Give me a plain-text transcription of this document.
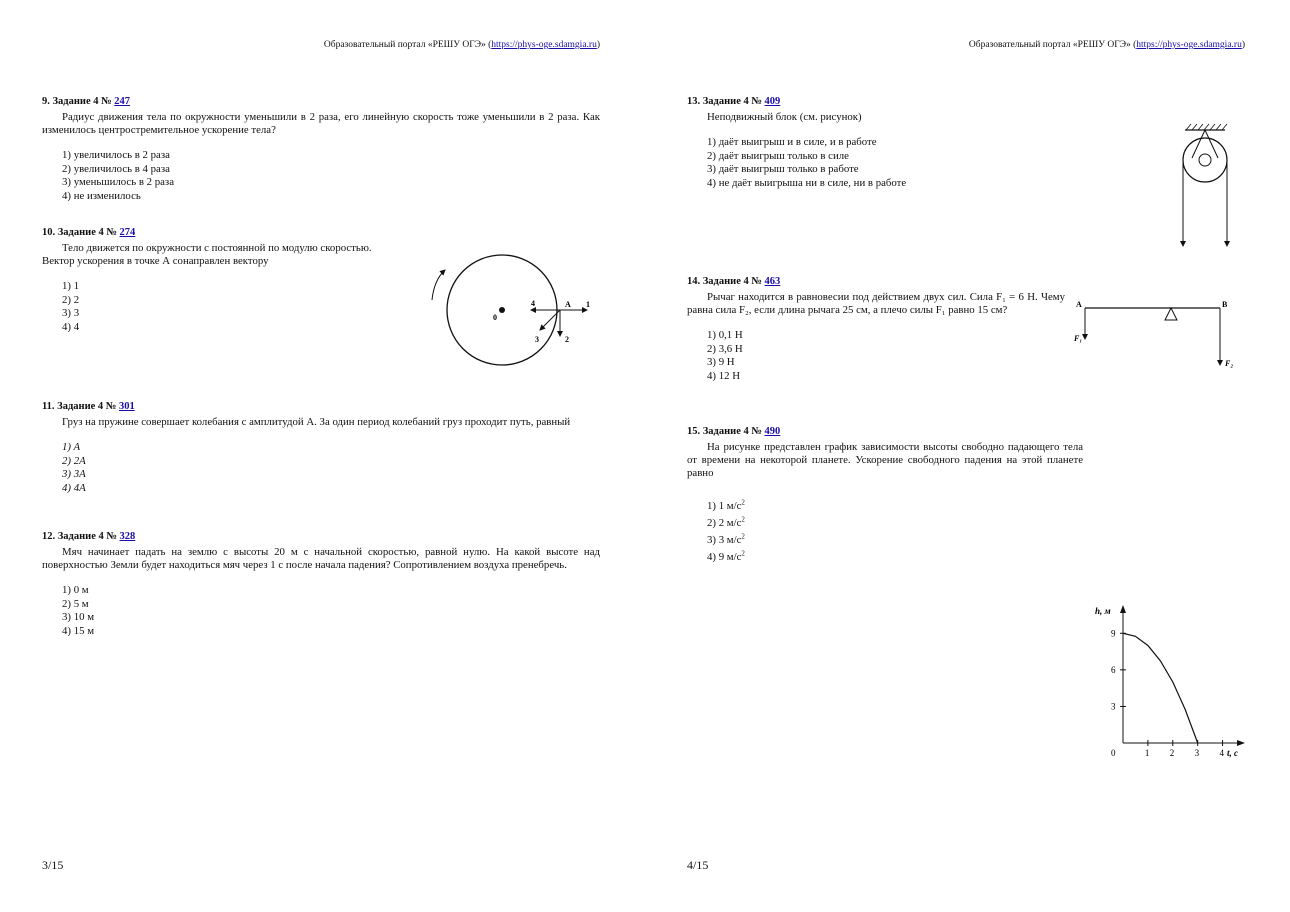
Образовательный портал «РЕШУ ОГЭ» (https://phys-oge.sdamgia.ru)
9. Задание 4 № 247
Радиус движения тела по окружности уменьшили в 2 раза, его линейную скорость тоже уменьшили в 2 раза. Как изменилось центростремительное ускорение тела?
1) увеличилось в 2 раза
2) увеличилось в 4 раза
3) уменьшилось в 2 раза
4) не изменилось
10. Задание 4 № 274
Тело движется по окружности с постоянной по модулю скоростью.
Вектор ускорения в точке А сонаправлен вектору
1) 1
2) 2
3) 3
4) 4
4	A 1
0
3	2
11. Задание 4 № 301
Груз на пружине совершает колебания с амплитудой A. За один период колебаний груз проходит путь, равный
1) A
2) 2A
3) 3A
4) 4A
12. Задание 4 № 328
Мяч начинает падать на землю с высоты 20 м с начальной скоростью, равной нулю. На какой высоте над поверхностью Земли будет находиться мяч через 1 с после начала падения? Сопротивлением воздуха пренебречь.
1) 0 м
2) 5 м
3) 10 м
4) 15 м
3/15
Образовательный портал «РЕШУ ОГЭ» (https://phys-oge.sdamgia.ru)
13. Задание 4 № 409
Неподвижный блок (см. рисунок)
1) даёт выигрыш и в силе, и в работе
2) даёт выигрыш только в силе
3) даёт выигрыш только в работе
4) не даёт выигрыша ни в силе, ни в работе
14. Задание 4 № 463
Рычаг находится в равновесии под действием двух сил. Сила F₁ = 6 Н. Чему равна сила F₂, если длина рычага 25 см, а плечо силы F₁ равно 15 см?
1) 0,1 Н
2) 3,6 Н
3) 9 Н
4) 12 Н
A	B
F₁
F₂
15. Задание 4 № 490
На рисунке представлен график зависимости высоты свободно падающего тела от времени на некоторой планете. Ускорение свободного падения на этой планете равно
1) 1 $м/с^2$
2) 2 $м/с^2$
3) 3 $м/с^2$
4) 9 $м/с^2$
0	1 2 3 4
3
6
9
h, м
t, c
4/15
